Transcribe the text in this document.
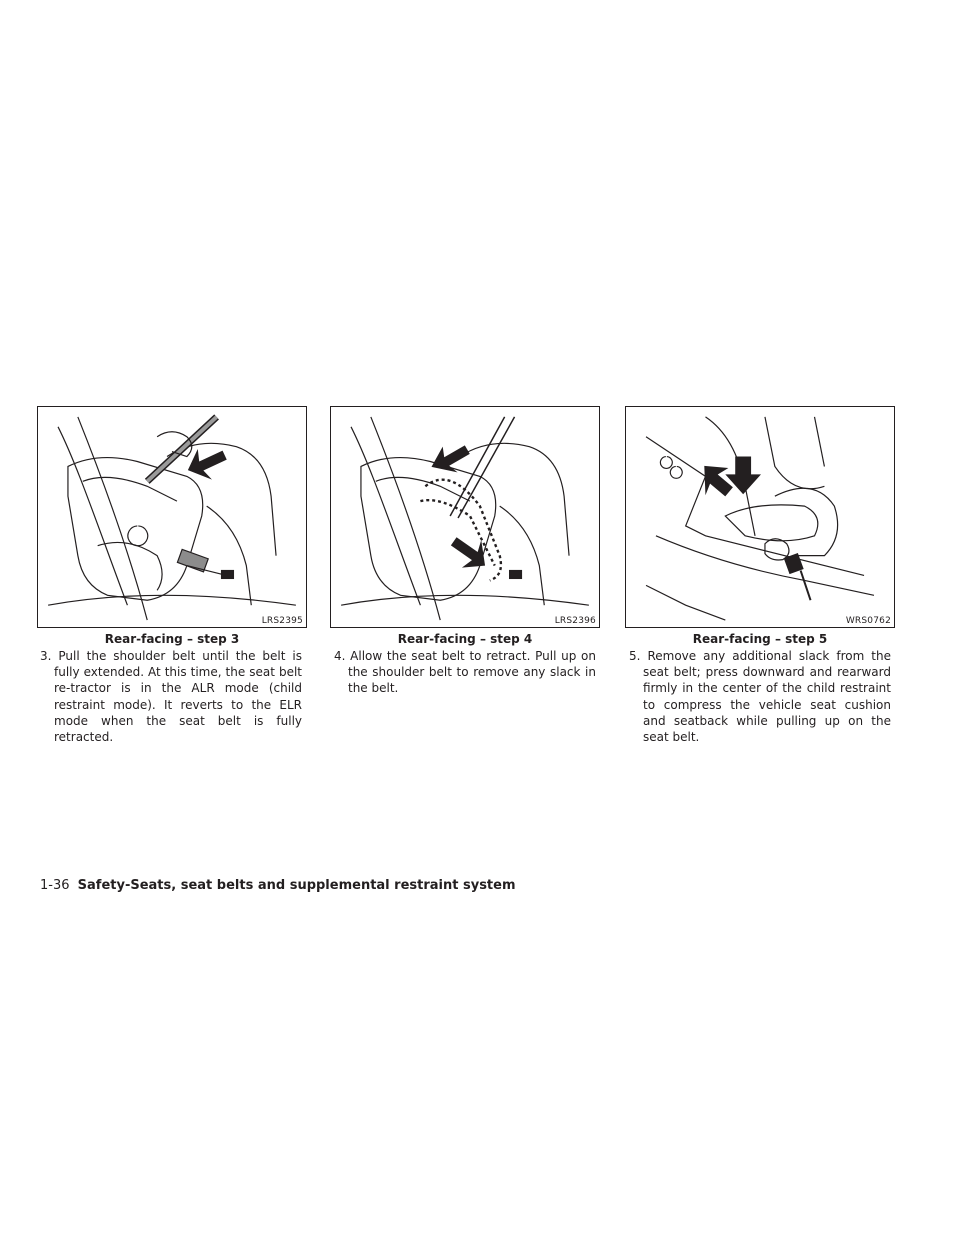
LRS2395
Rear-facing – step 3
3. Pull the shoulder belt until the belt is fully extended. At this time, the seat belt re-tractor is in the ALR mode (child restraint mode). It reverts to the ELR mode when the seat belt is fully retracted.
LRS2396
Rear-facing – step 4
4. Allow the seat belt to retract. Pull up on the shoulder belt to remove any slack in the belt.
WRS0762
Rear-facing – step 5
5. Remove any additional slack from the seat belt; press downward and rearward firmly in the center of the child restraint to compress the vehicle seat cushion and seatback while pulling up on the seat belt.
1-36 Safety-Seats, seat belts and supplemental restraint system
